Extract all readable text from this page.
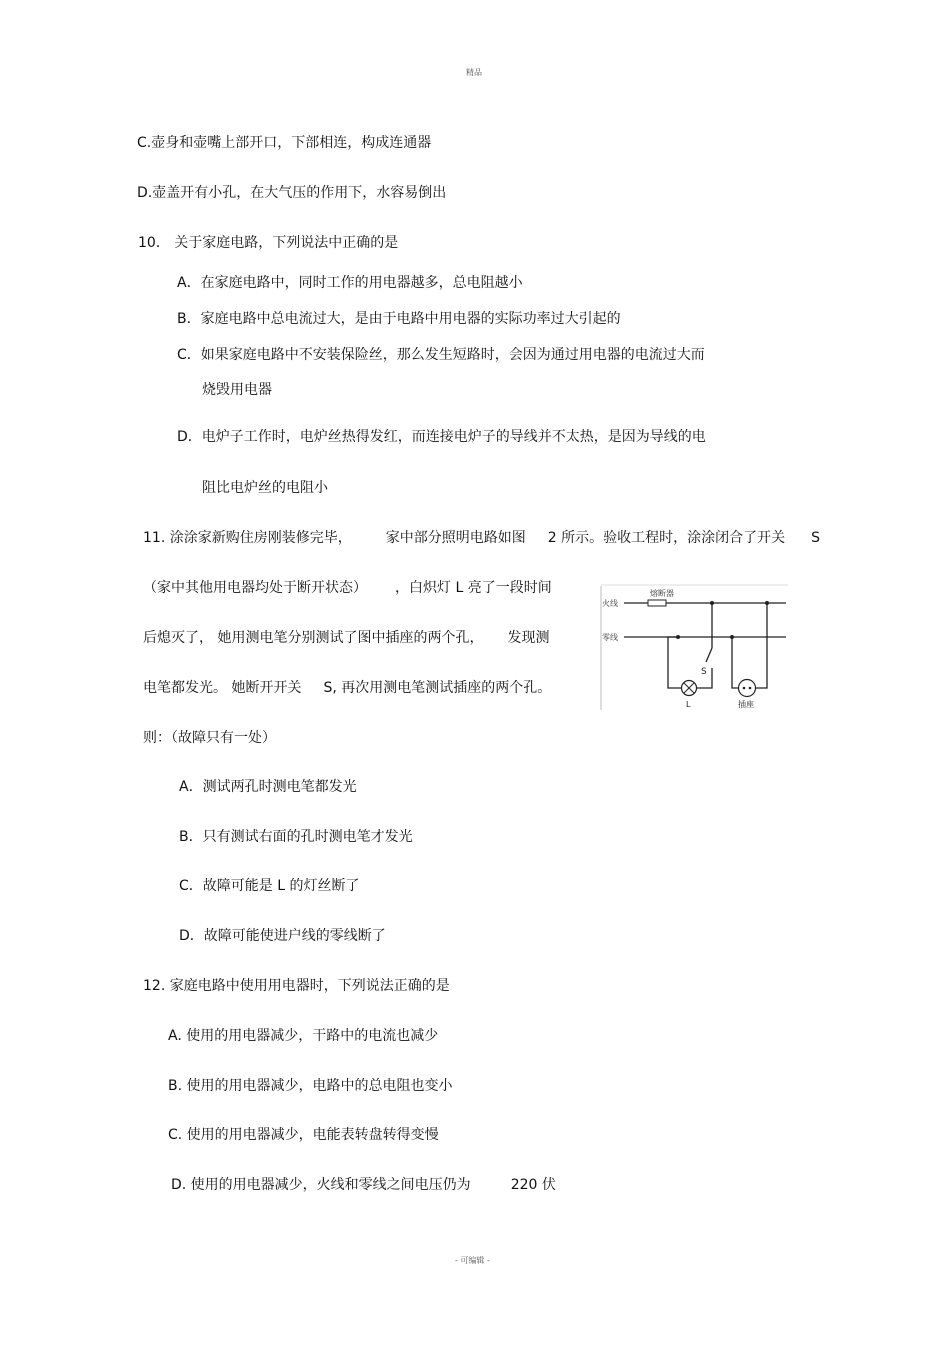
精品
C.壶身和壶嘴上部开口，下部相连，构成连通器
D.壶盖开有小孔，在大气压的作用下，水容易倒出
10． 关于家庭电路，下列说法中正确的是
A．在家庭电路中，同时工作的用电器越多，总电阻越小
B．家庭电路中总电流过大，是由于电路中用电器的实际功率过大引起的
C．如果家庭电路中不安装保险丝，那么发生短路时，会因为通过用电器的电流过大而
烧毁用电器
D．电炉子工作时，电炉丝热得发红，而连接电炉子的导线并不太热，是因为导线的电
阻比电炉丝的电阻小
11. 涂涂家新购住房刚装修完毕， 家中部分照明电路如图 2 所示。验收工程时，涂涂闭合了开关 S
（家中其他用电器均处于断开状态） ，白炽灯 L 亮了一段时间
后熄灭了， 她用测电笔分别测试了图中插座的两个孔， 发现测
电笔都发光。 她断开开关 S, 再次用测电笔测试插座的两个孔。
则：（故障只有一处）
火线
零线
熔断器
S
L	插座
A．测试两孔时测电笔都发光
B．只有测试右面的孔时测电笔才发光
C．故障可能是 L 的灯丝断了
D．故障可能使进户线的零线断了
12. 家庭电路中使用用电器时，下列说法正确的是
A. 使用的用电器减少，干路中的电流也减少
B. 使用的用电器减少，电路中的总电阻也变小
C. 使用的用电器减少，电能表转盘转得变慢
D. 使用的用电器减少，火线和零线之间电压仍为	220 伏
- 可编辑 -
